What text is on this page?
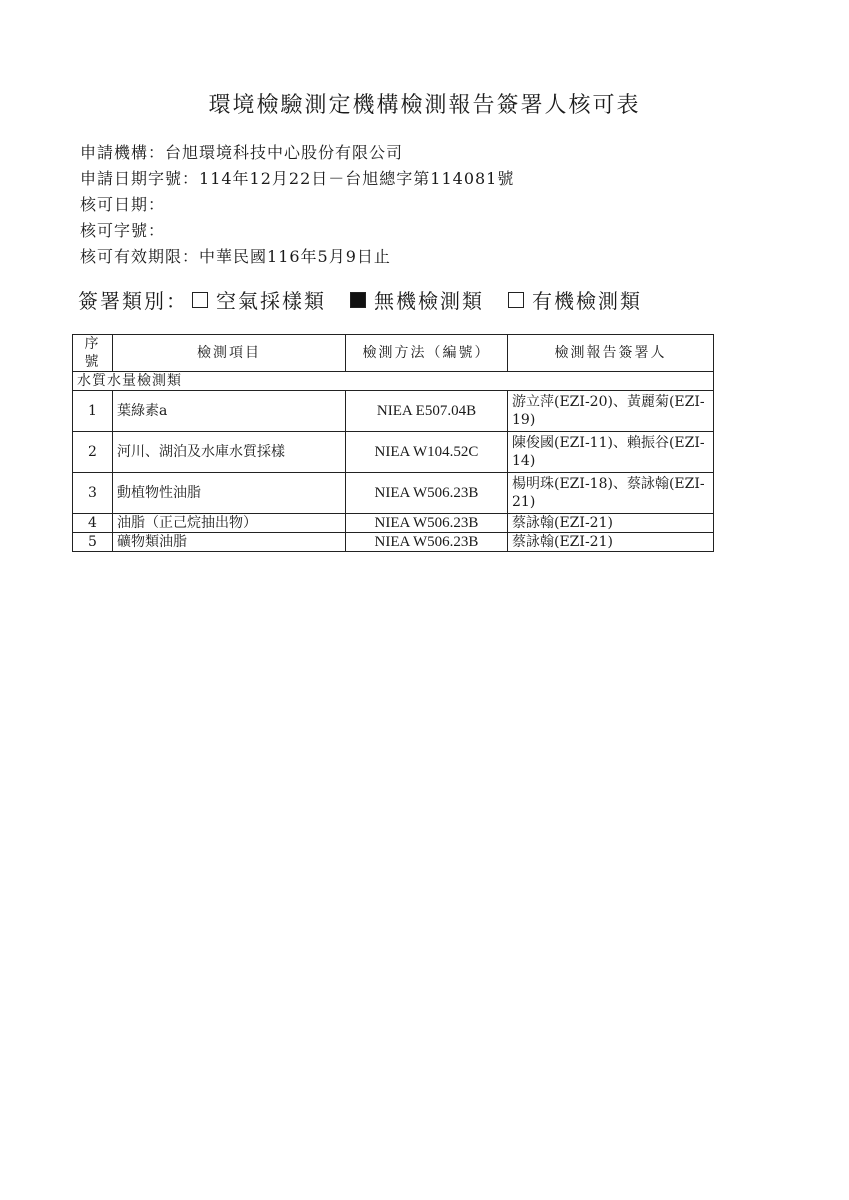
環境檢驗測定機構檢測報告簽署人核可表
申請機構：台旭環境科技中心股份有限公司
申請日期字號：114年12月22日－台旭總字第114081號
核可日期：
核可字號：
核可有效期限：中華民國116年5月9日止
簽署類別： 空氣採樣類 無機檢測類 有機檢測類
序號	檢測項目	檢測方法（編號）	檢測報告簽署人
水質水量檢測類			
1	葉綠素a	NIEA E507.04B	游立萍(EZI-20)、黃麗菊(EZI-19)
2	河川、湖泊及水庫水質採樣	NIEA W104.52C	陳俊國(EZI-11)、賴振谷(EZI-14)
3	動植物性油脂	NIEA W506.23B	楊明珠(EZI-18)、蔡詠翰(EZI-21)
4	油脂（正己烷抽出物）	NIEA W506.23B	蔡詠翰(EZI-21)
5	礦物類油脂	NIEA W506.23B	蔡詠翰(EZI-21)
